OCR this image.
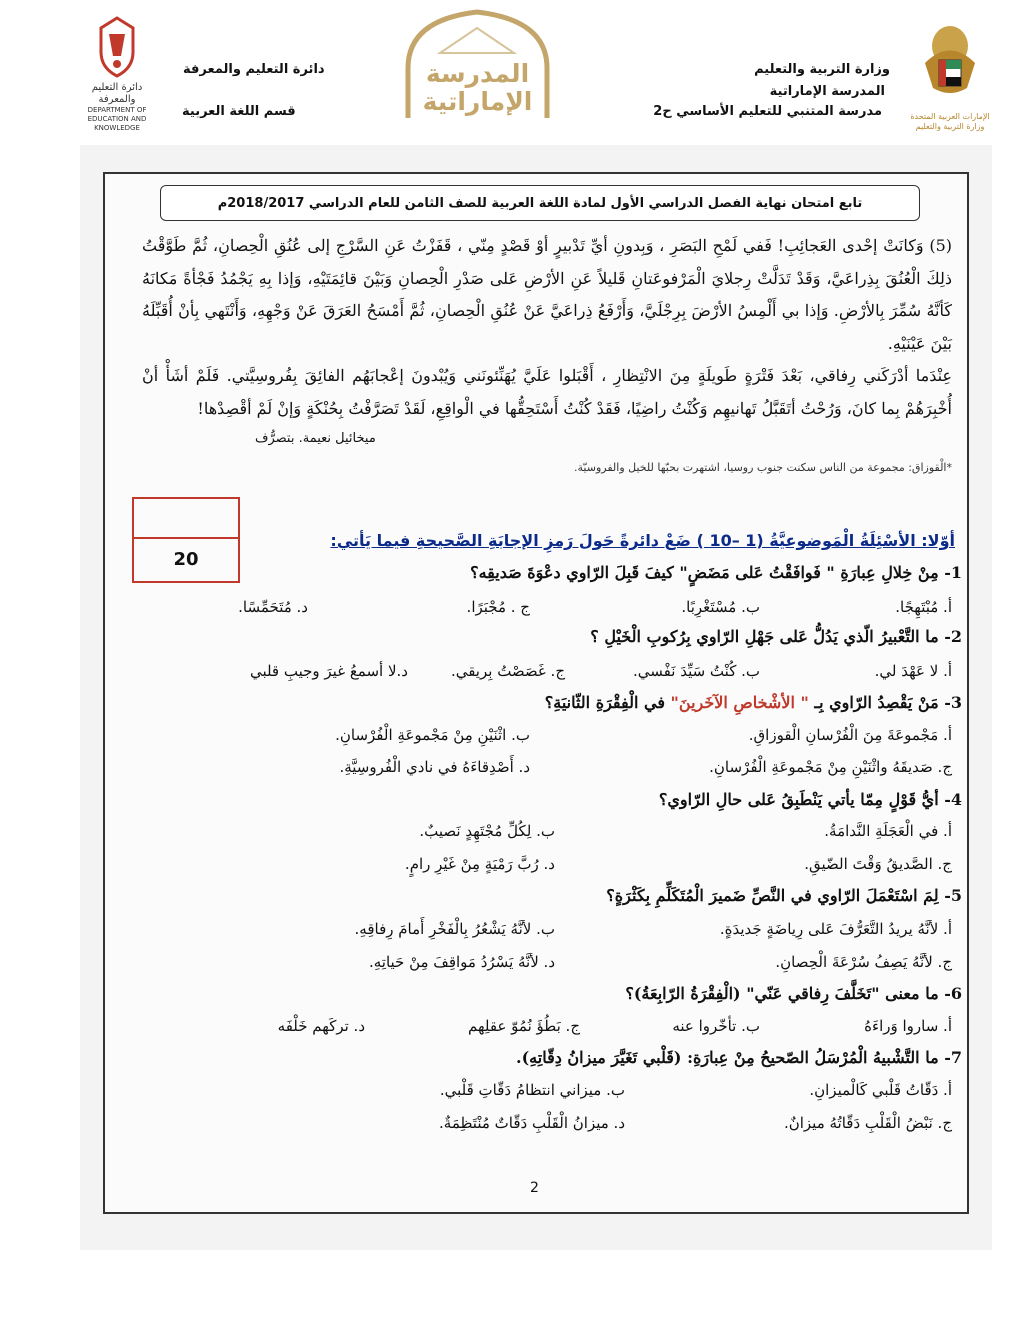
الإمارات العربية المتحدة وزارة التربية والتعليم
وزارة التربية والتعليم
المدرسة الإماراتية
مدرسة المتنبي للتعليم الأساسي ح2
المدرسة الإماراتية
دائرة التعليم والمعرفة
DEPARTMENT OF EDUCATION AND KNOWLEDGE
دائرة التعليم والمعرفة
قسم اللغة العربية
تابع امتحان نهاية الفصل الدراسي الأول لمادة اللغة العربية للصف الثامن للعام الدراسي 2018/2017م

(5) وَكانَتْ إحْدى العَجائِبِ! فَفي لَمْحِ البَصَرِ ، وَبِدونِ أيِّ تَدْبيرٍ أوْ قَصْدٍ مِنّي ، قَفَزْتُ عَنِ السَّرْجِ إلى عُنُقِ الْحِصانِ، ثُمَّ طَوَّقْتُ ذلِكَ الْعُنُقَ بِذِراعَيَّ، وَقَدْ تَدَلَّتْ رِجلايَ الْمَرْفوعَتانِ قَليلاً عَنِ الأرْضِ عَلى صَدْرِ الْحِصانِ وَبَيْنَ قائِمَتَيْهِ، وَإذا بِهِ يَجْمُدُ فَجْأةً مَكانَهُ كَأنَّهُ سُمِّرَ بِالأرْضِ. وَإذا بي أَلْمِسُ الأرْضَ بِرِجْلَيَّ، وَأَرْفَعُ ذِراعَيَّ عَنْ عُنُقِ الْحِصانِ، ثُمَّ أَمْسَحُ العَرَقَ عَنْ وَجْهِهِ، وَأَنْتَهي بِأنْ أُقَبِّلَهُ بَيْنَ عَيْنَيْهِ.

عِنْدَما أدْرَكَني رِفاقي، بَعْدَ فَتْرَةٍ طَويلَةٍ مِنَ الانْتِظارِ ، أَقْبَلوا عَلَيَّ يُهَنِّئونَني وَيُبْدونَ إعْجابَهُم الفائِقَ بِفُروسِيَّتي. فَلَمْ أشَأْ أنْ أُخْبِرَهُمْ بِما كانَ، وَرُحْتُ أتَقَبَّلُ تَهانيهِم وَكُنْتُ راضِيًا، فَقَدْ كُنْتُ أَسْتَحِقُّها في الْواقِعِ، لَقَدْ تَصَرَّفْتُ بِحُنْكَةٍ وَإنْ لَمْ أقْصِدْها!

ميخائيل نعيمة. بتصرُّف
*الْقوزاق: مجموعة من الناس سكنت جنوب روسيا، اشتهرت بحبّها للخيل والفروسيّة.
20
أوّلا: الأسْئِلَةُ الْمَوضوعيَّةُ (1 –10 ) ضَعْ دائرةً حَولَ رَمزِ الإجابَةِ الصَّحيحةِ فيما يَأتي:
1- مِنْ خِلالِ عِبارَةِ " فَوافَقْتُ عَلى مَضَضٍ" كيفَ قَبِلَ الرّاوي دعْوَةَ صَديقِه؟
أ. مُبْتَهِجًا.
ب. مُسْتَغْرِبًا.
ج . مُجْبَرًا.
د. مُتَحَمِّسًا.
2- ما التَّعْبيرُ الّذي يَدُلُّ عَلى جَهْلِ الرّاوي بِرُكوبِ الْخَيْلِ ؟
أ. لا عَهْدَ لي.
ب. كُنْتُ سَيِّدَ نَفْسي.
ج. غَصَصْتُ بِريقي.
د.لا أسمعُ غيرَ وجيبِ قلبي
3- مَنْ يَقْصِدُ الرّاوي بِـ " الأشْخاصِ الآخَرينَ" في الْفِقْرَةِ الثّانيَةِ؟
أ. مَجْموعَةَ مِنَ الْفُرْسانِ الْقوزاقِ.
ب. اثْنَيْنِ مِنْ مَجْموعَةِ الْفُرْسانِ.
ج. صَديقَهُ واثْنَيْنِ مِنْ مَجْموعَةِ الْفُرْسانِ.
د. أَصْدِقاءَهُ في نادي الْفُروسِيَّةِ.
4- أيُّ قَوْلٍ مِمّا يأتي يَنْطَبِقُ عَلى حالِ الرّاوي؟
أ. في الْعَجَلَةِ النَّدامَةُ.
ب. لِكُلِّ مُجْتَهِدٍ نَصيبٌ.
ج. الصَّديقُ وَقْتَ الضّيقِ.
د. رُبَّ رَمْيَةٍ مِنْ غَيْرِ رامٍ.
5- لِمَ اسْتَعْمَلَ الرّاوي في النَّصِّ ضَميرَ الْمُتَكَلِّمِ بِكَثْرَةٍ؟
أ. لأنَّهُ يريدُ التَّعَرُّفَ عَلى رِياضَةٍ جَديدَةٍ.
ب. لأنَّهُ يَشْعُرُ بِالْفَخْرِ أَمامَ رِفاقِهِ.
ج. لأنَّهُ يَصِفُ سُرْعَةَ الْحِصانِ.
د. لأنَّهُ يَسْرُدُ مَواقِفَ مِنْ حَياتِهِ.
6- ما معنى "تَخَلَّفَ رِفاقي عَنّي" (الْفِقْرَةُ الرّابِعَةُ)؟
أ. ساروا وَراءَهُ
ب. تأخّروا عنه
ج. بَطُؤَ نُمُوّ عقلِهم
د. تركَهم خَلْفَه
7- ما التَّشْبيهُ الْمُرْسَلُ الصّحيحُ مِنْ عِبارَةِ: (قَلْبي تَغَيَّرَ ميزانُ دِقّاتِهِ).
أ. دَقّاتُ قَلْبي كَالْميزانِ.
ب. ميزاني انتظامُ دَقّاتِ قَلْبي.
ج. نَبْضُ الْقَلْبِ دَقّاتُهُ ميزانٌ.
د. ميزانُ الْقَلْبِ دَقّاتٌ مُنْتَظِمَةٌ.
2
